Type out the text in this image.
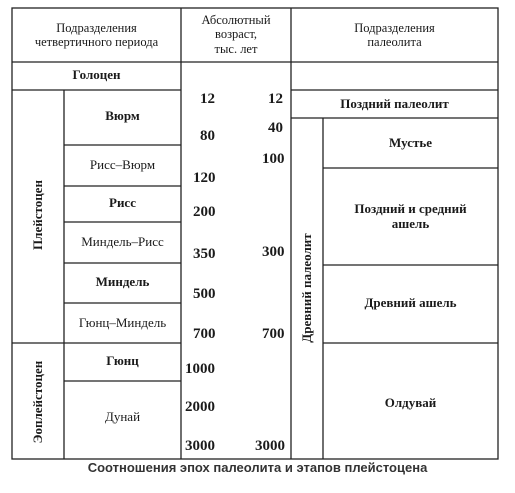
Подразделения
четвертичного периода
Абсолютный
возраст,
тыс. лет
Подразделения
палеолита
Голоцен
Плейстоцен
Эоплейстоцен
Вюрм
Рисс–Вюрм
Рисс
Миндель–Рисс
Миндель
Гюнц–Миндель
Гюнц
Дунай
12
80
120
200
350
500
700
1000
2000
3000
12
40
100
300
700
3000
Поздний палеолит
Древний палеолит
Мустье
Поздний и средний
ашель
Древний ашель
Олдувай
Соотношения эпох палеолита и этапов плейстоцена
